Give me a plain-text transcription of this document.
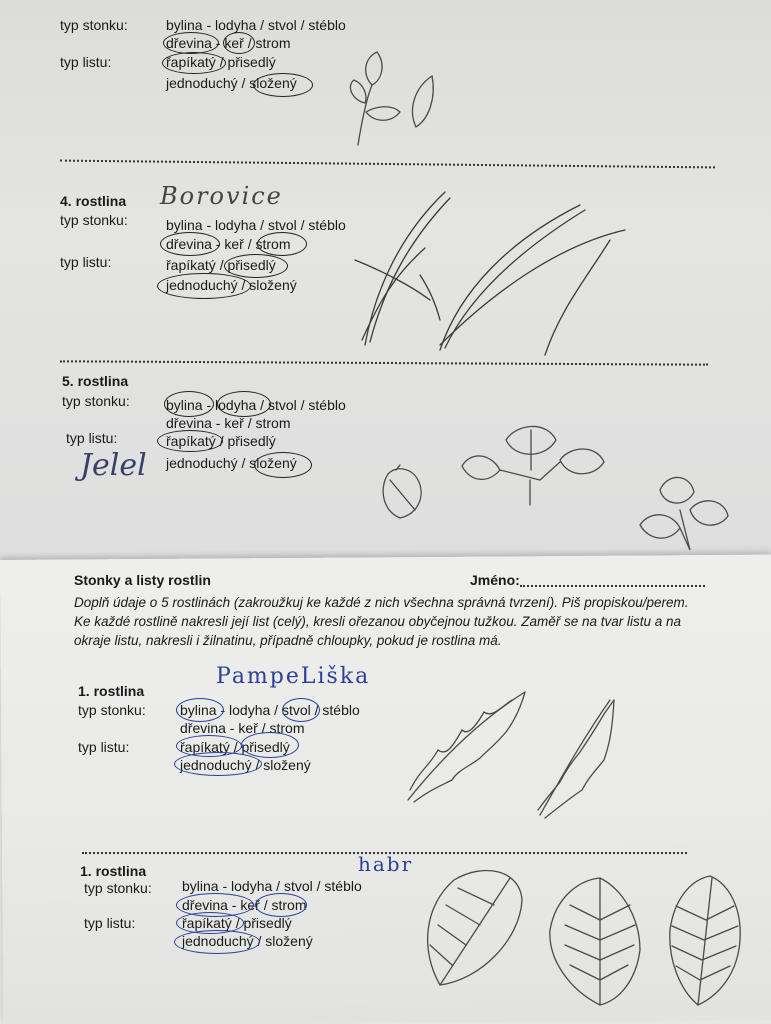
typ stonku:	bylina - lodyha / stvol / stéblo
dřevina - keř / strom
typ listu:	řapíkatý / přisedlý
jednoduchý / složený
4. rostlina Borovice
typ stonku:	bylina - lodyha / stvol / stéblo
dřevina - keř / strom
typ listu:	řapíkatý / přisedlý
jednoduchý / složený
5. rostlina
typ stonku:	bylina - lodyha / stvol / stéblo
dřevina - keř / strom
typ listu:	řapíkatý / přisedlý
jednoduchý / složený
Jelel
Stonky a listy rostlin	Jméno:
Doplň údaje o 5 rostlinách (zakroužkuj ke každé z nich všechna správná tvrzení). Piš propiskou/perem.
Ke každé rostlině nakresli její list (celý), kresli ořezanou obyčejnou tužkou. Zaměř se na tvar listu a na
okraje listu, nakresli i žilnatinu, případně chloupky, pokud je rostlina má.
PampeLiška
1. rostlina
typ stonku: bylina - lodyha / stvol / stéblo
dřevina - keř / strom
typ listu:	řapíkatý / přisedlý
jednoduchý / složený
habr
1. rostlina
typ stonku: bylina - lodyha / stvol / stéblo
dřevina - keř / strom
typ listu:	řapíkatý / přisedlý
jednoduchý / složený
